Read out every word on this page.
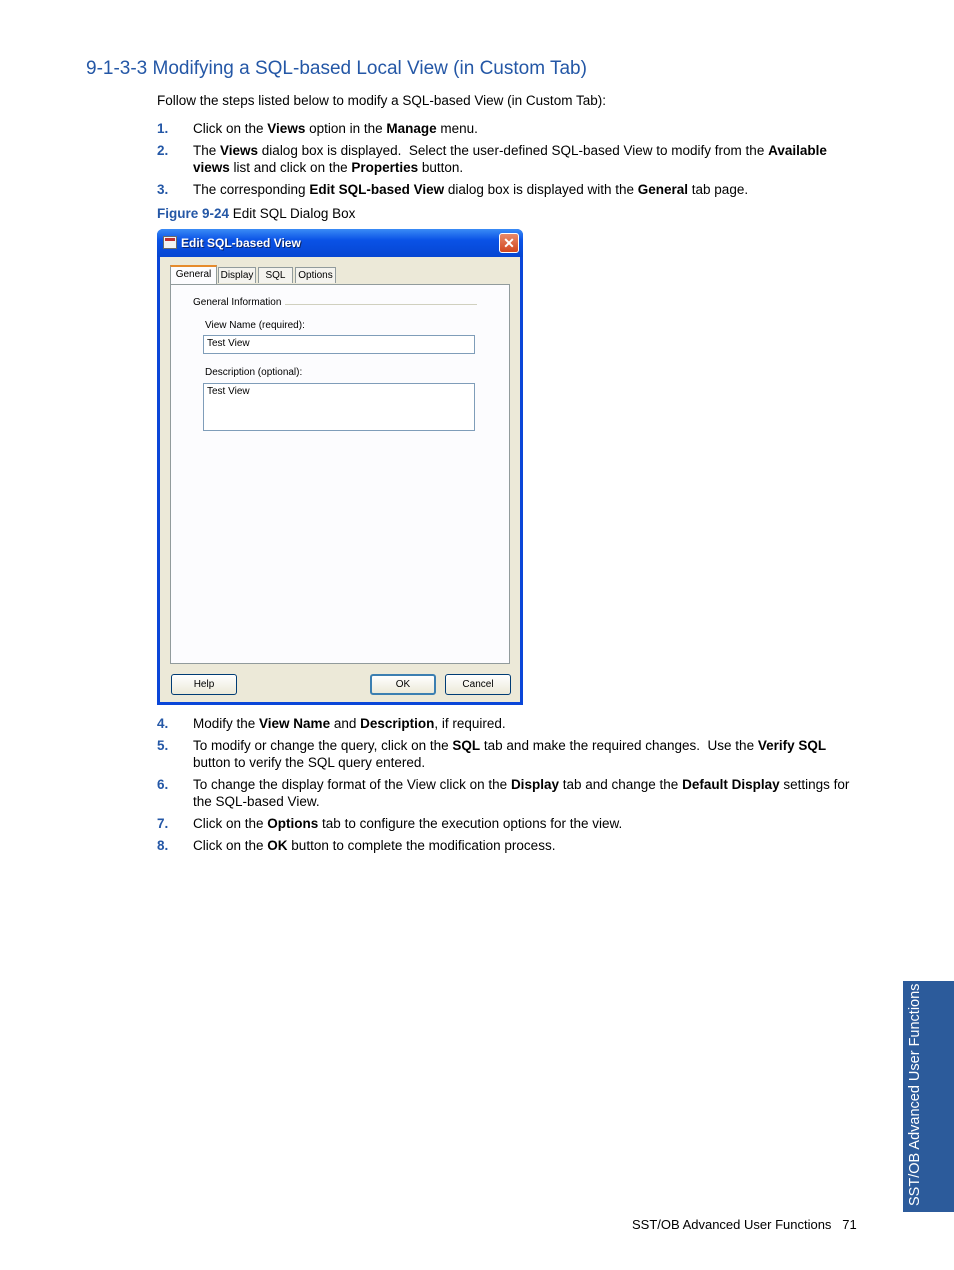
9-1-3-3 Modifying a SQL-based Local View (in Custom Tab)
Follow the steps listed below to modify a SQL-based View (in Custom Tab):
1. Click on the Views option in the Manage menu.
2. The Views dialog box is displayed.  Select the user-defined SQL-based View to modify from the Available views list and click on the Properties button.
3. The corresponding Edit SQL-based View dialog box is displayed with the General tab page.
Figure 9-24 Edit SQL Dialog Box
Edit SQL-based View	✕
General Display	SQL	Options
General Information
View Name (required):
Test View
Description (optional):
Test View
Help	OK	Cancel
4. Modify the View Name and Description, if required.
5. To modify or change the query, click on the SQL tab and make the required changes.  Use the Verify SQL button to verify the SQL query entered.
6. To change the display format of the View click on the Display tab and change the Default Display settings for the SQL-based View.
7. Click on the Options tab to configure the execution options for the view.
8. Click on the OK button to complete the modification process.
SST/OB Advanced User Functions
SST/OB Advanced User Functions 71
